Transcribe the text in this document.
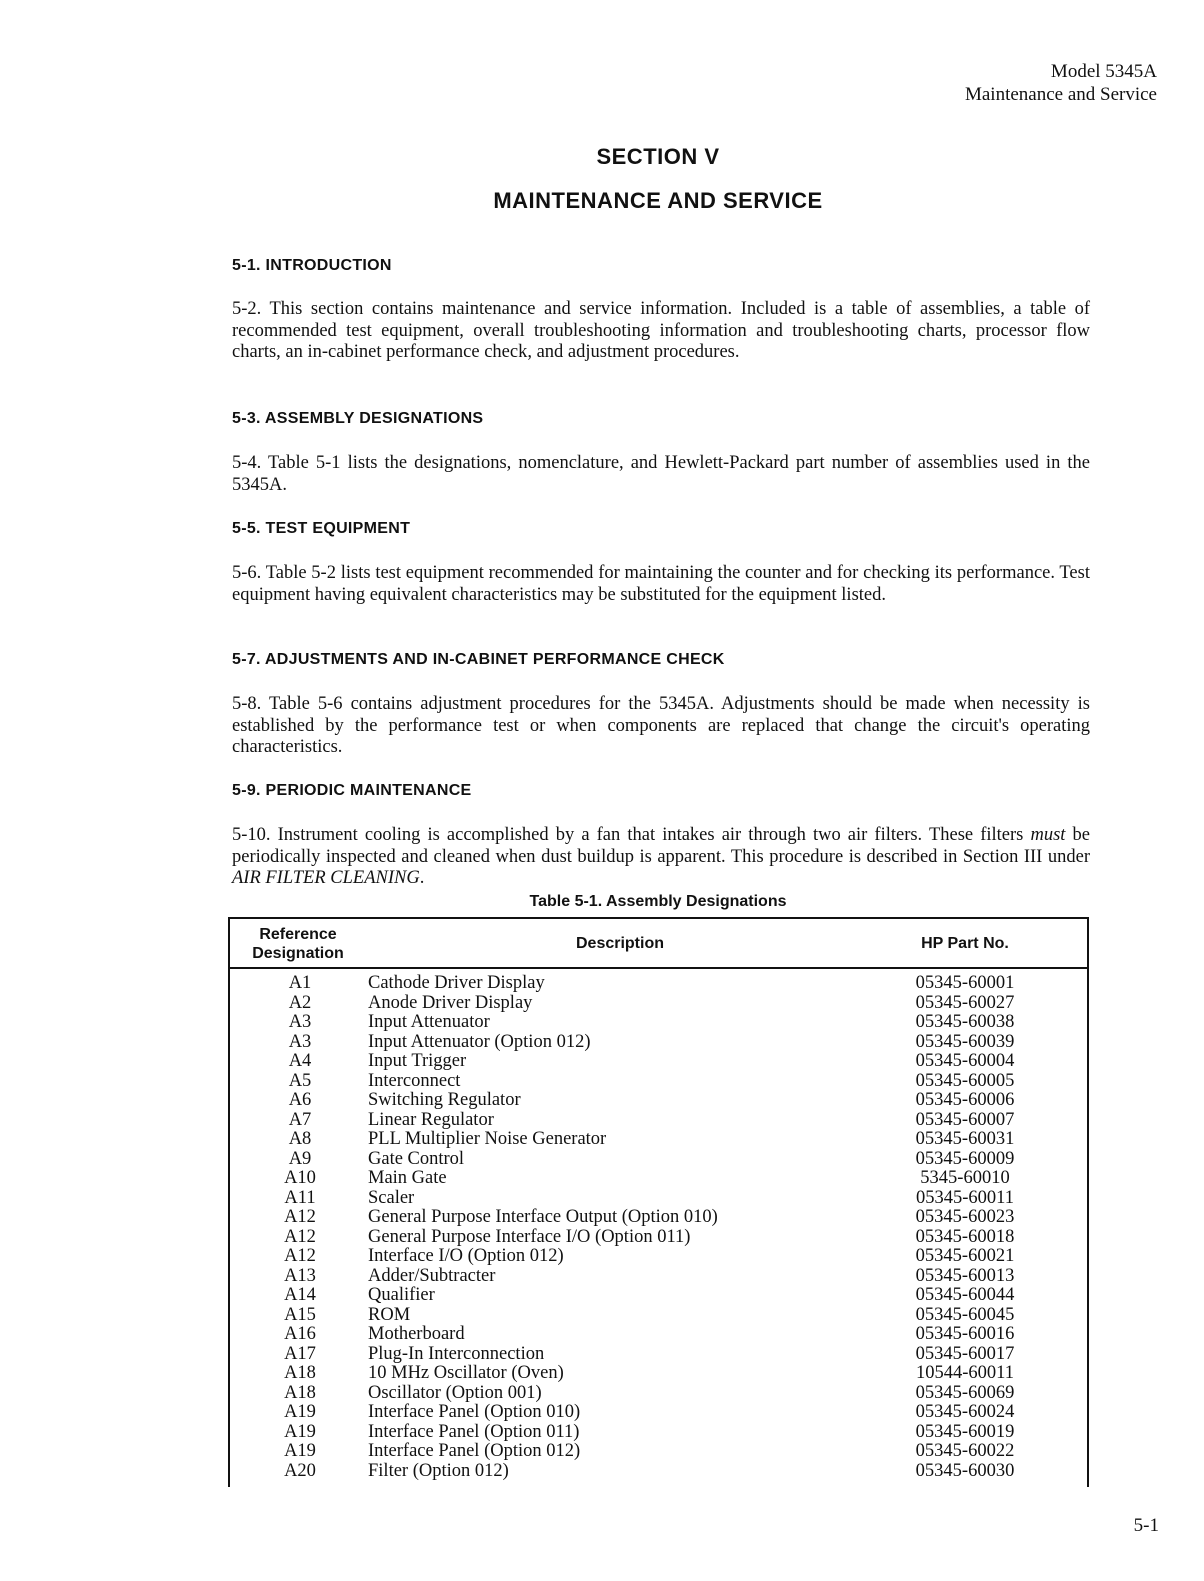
Model 5345A
Maintenance and Service
SECTION V
MAINTENANCE AND SERVICE
5-1. INTRODUCTION
5-2. This section contains maintenance and service information. Included is a table of assemblies, a table of recommended test equipment, overall troubleshooting information and troubleshooting charts, processor flow charts, an in-cabinet performance check, and adjustment procedures.
5-3. ASSEMBLY DESIGNATIONS
5-4. Table 5-1 lists the designations, nomenclature, and Hewlett-Packard part number of assemblies used in the 5345A.
5-5. TEST EQUIPMENT
5-6. Table 5-2 lists test equipment recommended for maintaining the counter and for checking its performance. Test equipment having equivalent characteristics may be substituted for the equipment listed.
5-7. ADJUSTMENTS AND IN-CABINET PERFORMANCE CHECK
5-8. Table 5-6 contains adjustment procedures for the 5345A. Adjustments should be made when necessity is established by the performance test or when components are replaced that change the circuit's operating characteristics.
5-9. PERIODIC MAINTENANCE
5-10. Instrument cooling is accomplished by a fan that intakes air through two air filters. These filters must be periodically inspected and cleaned when dust buildup is apparent. This procedure is described in Section III under AIR FILTER CLEANING.
Table 5-1. Assembly Designations
Reference
Designation
Description	HP Part No.
A1	Cathode Driver Display	05345-60001
A2	Anode Driver Display	05345-60027
A3	Input Attenuator	05345-60038
A3	Input Attenuator (Option 012)	05345-60039
A4	Input Trigger	05345-60004
A5	Interconnect	05345-60005
A6	Switching Regulator	05345-60006
A7	Linear Regulator	05345-60007
A8	PLL Multiplier Noise Generator	05345-60031
A9	Gate Control	05345-60009
A10	Main Gate	5345-60010
A11	Scaler	05345-60011
A12	General Purpose Interface Output (Option 010)	05345-60023
A12	General Purpose Interface I/O (Option 011)	05345-60018
A12	Interface I/O (Option 012)	05345-60021
A13	Adder/Subtracter	05345-60013
A14	Qualifier	05345-60044
A15	ROM	05345-60045
A16	Motherboard	05345-60016
A17	Plug-In Interconnection	05345-60017
A18	10 MHz Oscillator (Oven)	10544-60011
A18	Oscillator (Option 001)	05345-60069
A19	Interface Panel (Option 010)	05345-60024
A19	Interface Panel (Option 011)	05345-60019
A19	Interface Panel (Option 012)	05345-60022
A20	Filter (Option 012)	05345-60030
5-1
